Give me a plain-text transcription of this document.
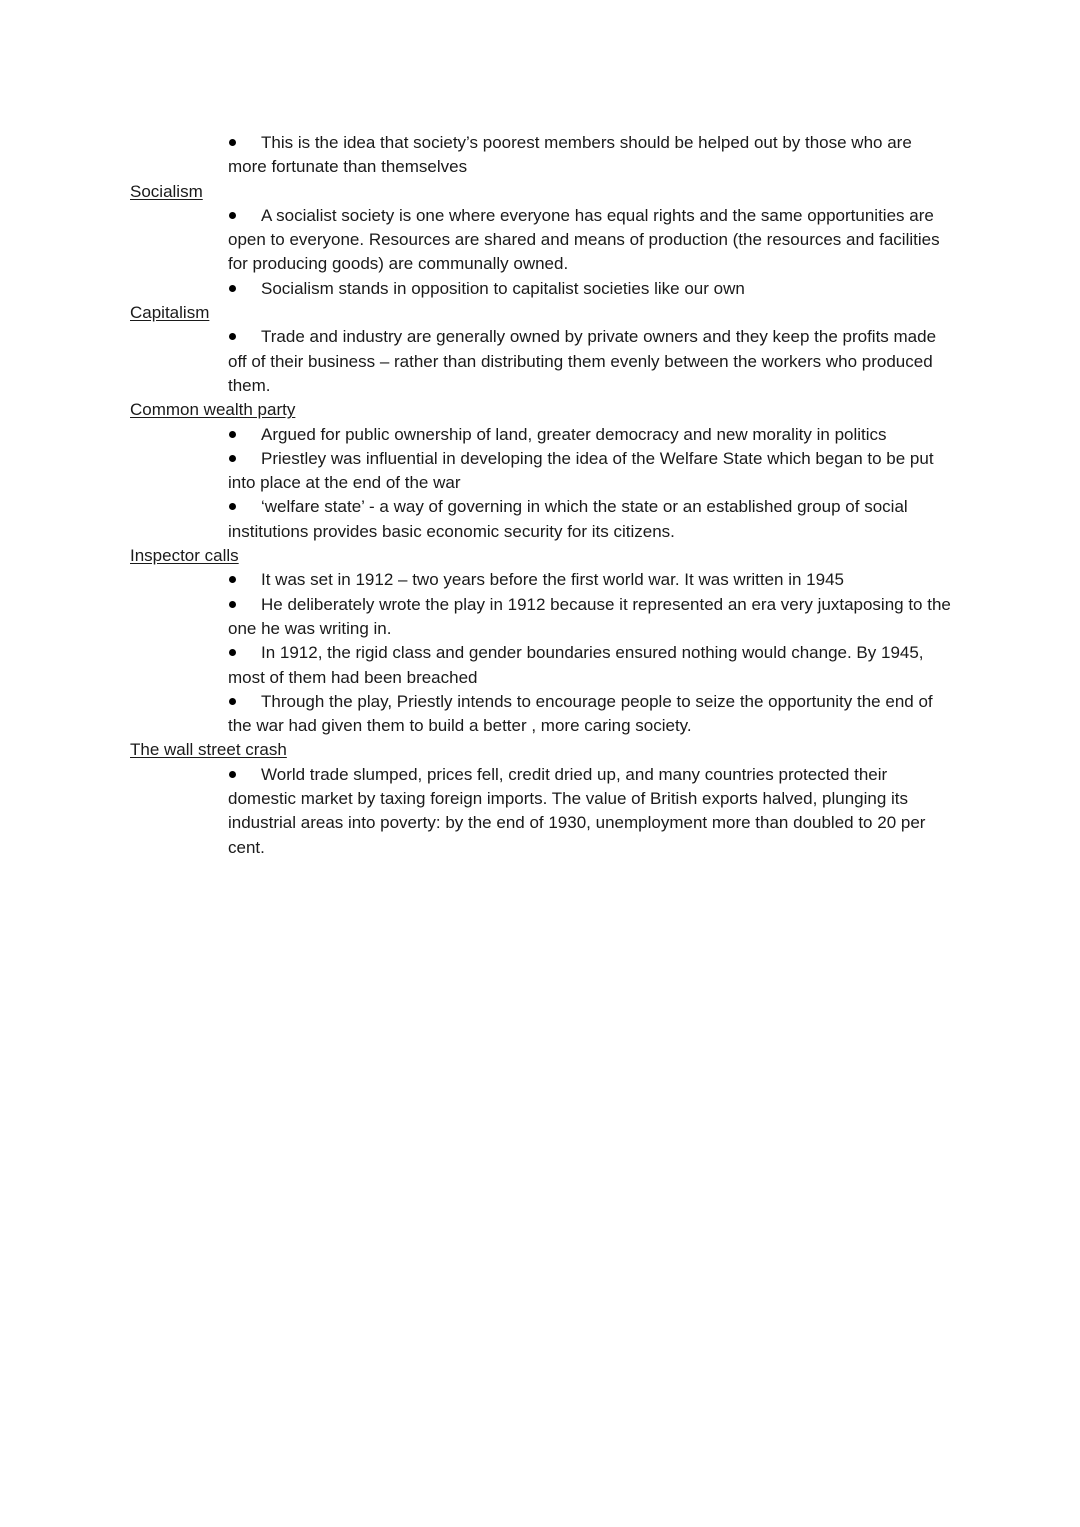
This is the idea that society’s poorest members should be helped out by those who are more fortunate than themselves
Socialism
A socialist society is one where everyone has equal rights and the same opportunities are open to everyone. Resources are shared and means of production (the resources and facilities for producing goods) are communally owned.
Socialism stands in opposition to capitalist societies like our own
Capitalism
Trade and industry are generally owned by private owners and they keep the profits made off of their business – rather than distributing them evenly between the workers who produced them.
Common wealth party
Argued for public ownership of land, greater democracy and new morality in politics
Priestley was influential in developing the idea of the Welfare State which began to be put into place at the end of the war
‘welfare state’ - a way of governing in which the state or an established group of social institutions provides basic economic security for its citizens.
Inspector calls
It was set in 1912 – two years before the first world war. It was written in 1945
He deliberately wrote the play in 1912 because it represented an era very juxtaposing to the one he was writing in.
In 1912, the rigid class and gender boundaries ensured nothing would change. By 1945, most of them had been breached
Through the play, Priestly intends to encourage people to seize the opportunity the end of the war had given them to build a better , more caring society.
The wall street crash
World trade slumped, prices fell, credit dried up, and many countries protected their domestic market by taxing foreign imports. The value of British exports halved, plunging its industrial areas into poverty: by the end of 1930, unemployment more than doubled to 20 per cent.
